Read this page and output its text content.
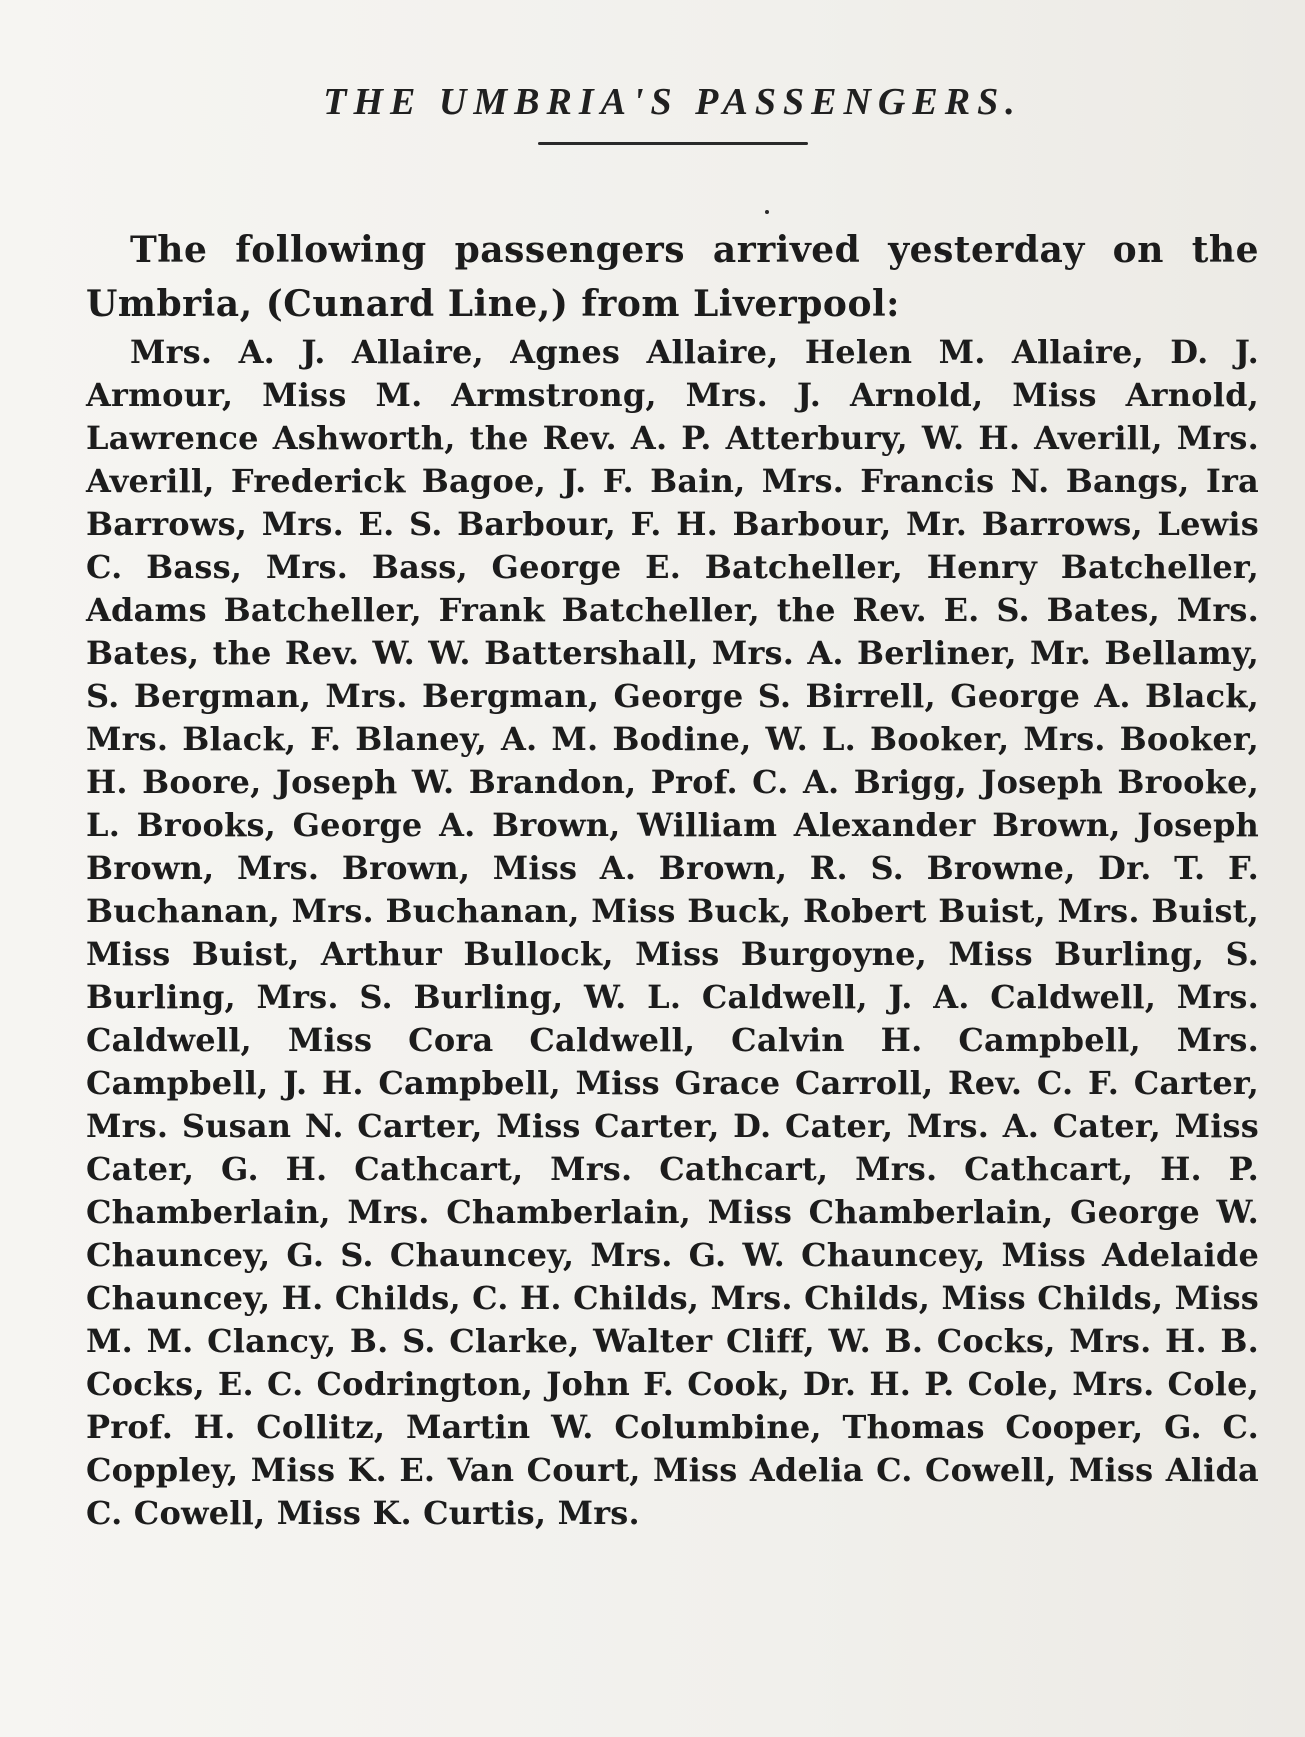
THE UMBRIA'S PASSENGERS.

The following passengers arrived yesterday on the Umbria, (Cunard Line,) from Liverpool:

Mrs. A. J. Allaire, Agnes Allaire, Helen M. Allaire, D. J. Armour, Miss M. Armstrong, Mrs. J. Arnold, Miss Arnold, Lawrence Ashworth, the Rev. A. P. Atterbury, W. H. Averill, Mrs. Averill, Frederick Bagoe, J. F. Bain, Mrs. Francis N. Bangs, Ira Barrows, Mrs. E. S. Barbour, F. H. Barbour, Mr. Barrows, Lewis C. Bass, Mrs. Bass, George E. Batcheller, Henry Batcheller, Adams Batcheller, Frank Batcheller, the Rev. E. S. Bates, Mrs. Bates, the Rev. W. W. Battershall, Mrs. A. Berliner, Mr. Bellamy, S. Bergman, Mrs. Bergman, George S. Birrell, George A. Black, Mrs. Black, F. Blaney, A. M. Bodine, W. L. Booker, Mrs. Booker, H. Boore, Joseph W. Brandon, Prof. C. A. Brigg, Joseph Brooke, L. Brooks, George A. Brown, William Alexander Brown, Joseph Brown, Mrs. Brown, Miss A. Brown, R. S. Browne, Dr. T. F. Buchanan, Mrs. Buchanan, Miss Buck, Robert Buist, Mrs. Buist, Miss Buist, Arthur Bullock, Miss Burgoyne, Miss Burling, S. Burling, Mrs. S. Burling, W. L. Caldwell, J. A. Caldwell, Mrs. Caldwell, Miss Cora Caldwell, Calvin H. Campbell, Mrs. Campbell, J. H. Campbell, Miss Grace Carroll, Rev. C. F. Carter, Mrs. Susan N. Carter, Miss Carter, D. Cater, Mrs. A. Cater, Miss Cater, G. H. Cathcart, Mrs. Cathcart, Mrs. Cathcart, H. P. Chamberlain, Mrs. Chamberlain, Miss Chamberlain, George W. Chauncey, G. S. Chauncey, Mrs. G. W. Chauncey, Miss Adelaide Chauncey, H. Childs, C. H. Childs, Mrs. Childs, Miss Childs, Miss M. M. Clancy, B. S. Clarke, Walter Cliff, W. B. Cocks, Mrs. H. B. Cocks, E. C. Codrington, John F. Cook, Dr. H. P. Cole, Mrs. Cole, Prof. H. Collitz, Martin W. Columbine, Thomas Cooper, G. C. Coppley, Miss K. E. Van Court, Miss Adelia C. Cowell, Miss Alida C. Cowell, Miss K. Curtis, Mrs.
